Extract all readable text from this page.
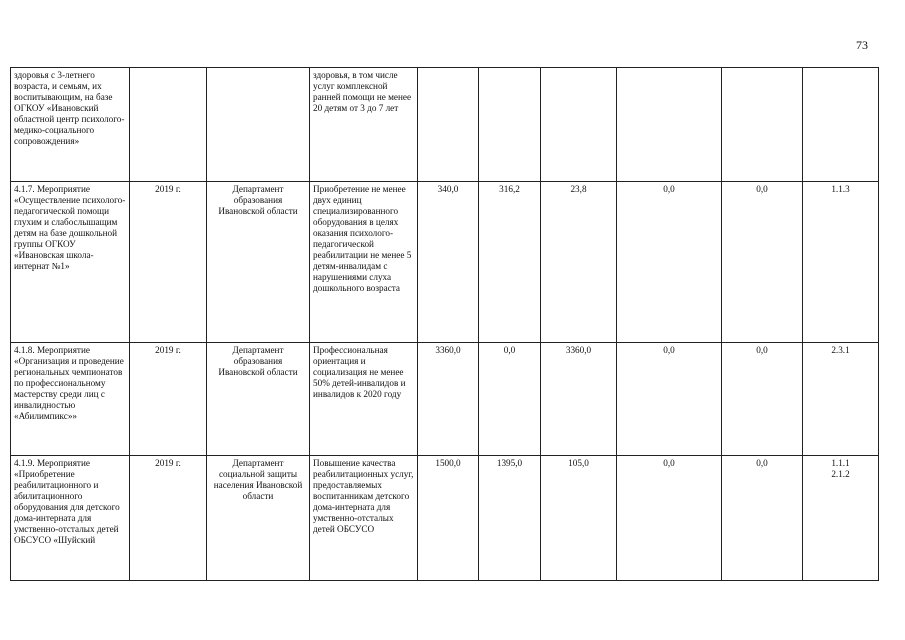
73
здоровья с 3-летнего возраста, и семьям, их воспитывающим, на базе ОГКОУ «Ивановский областной центр психолого-медико-социального сопровождения»			здоровья, в том числе услуг комплексной ранней помощи не менее 20 детям от 3 до 7 лет						
4.1.7. Мероприятие «Осуществление психолого-педагогической помощи глухим и слабослышащим детям на базе дошкольной группы ОГКОУ «Ивановская школа-интернат №1»	2019 г.	Департамент образования Ивановской области	Приобретение не менее двух единиц специализированного оборудования в целях оказания психолого-педагогической реабилитации не менее 5 детям-инвалидам с нарушениями слуха дошкольного возраста	340,0	316,2	23,8	0,0	0,0	1.1.3

4.1.8. Мероприятие «Организация и проведение региональных чемпионатов по профессиональному мастерству среди лиц с инвалидностью «Абилимпикс»»	2019 г.	Департамент образования Ивановской области	Профессиональная ориентация и социализация не менее 50% детей-инвалидов и инвалидов к 2020 году	3360,0	0,0	3360,0	0,0	0,0	2.3.1

4.1.9. Мероприятие «Приобретение реабилитационного и абилитационного оборудования для детского дома-интерната для умственно-отсталых детей ОБСУСО «Шуйский	2019 г.	Департамент социальной защиты населения Ивановской области	Повышение качества реабилитационных услуг, предоставляемых воспитанникам детского дома-интерната для умственно-отсталых детей ОБСУСО	1500,0	1395,0	105,0	0,0	0,0	1.1.1
2.1.2
